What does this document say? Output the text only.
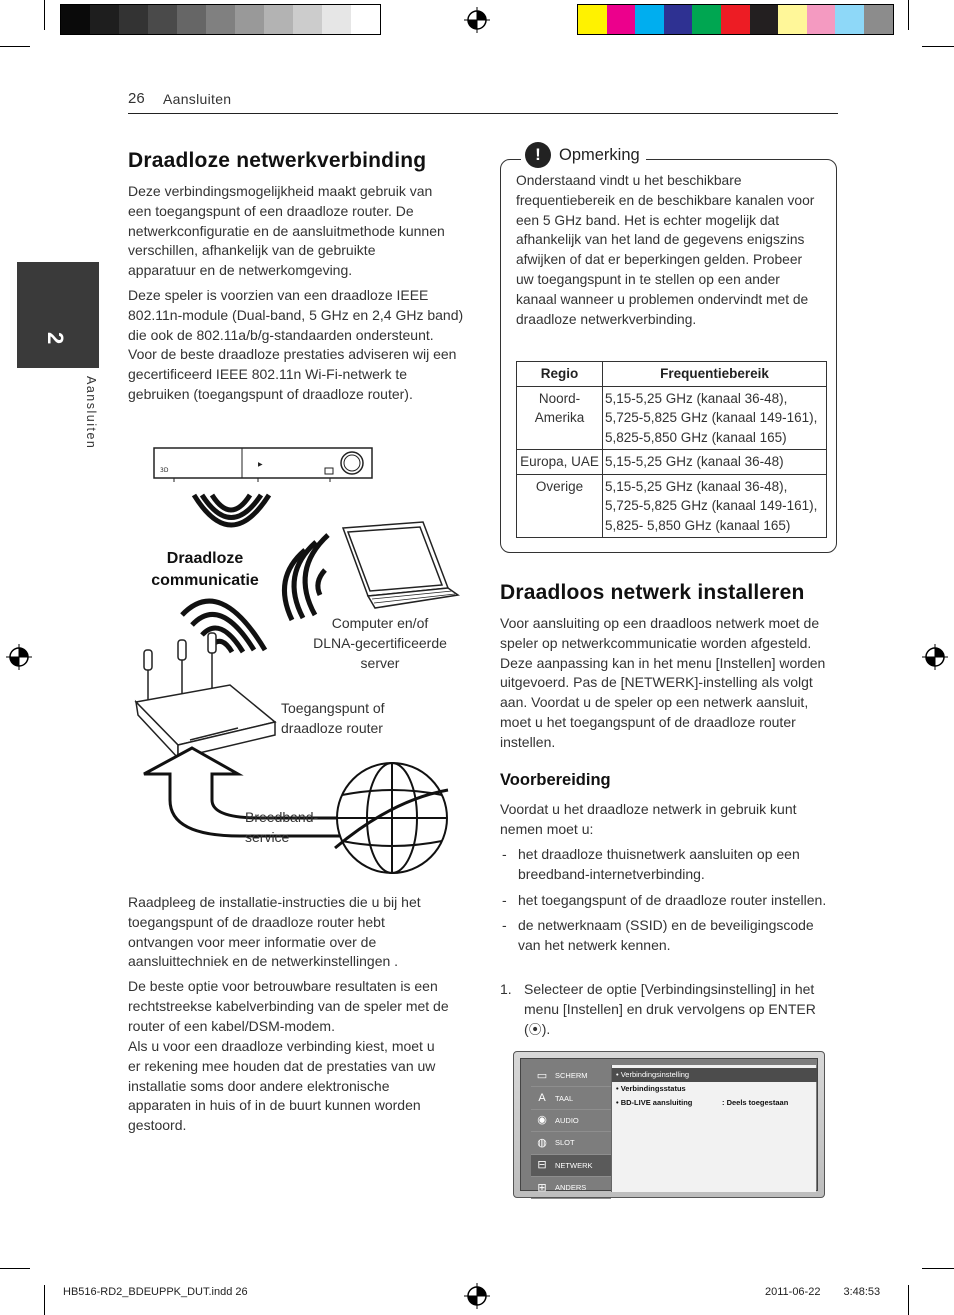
26 Aansluiten
2
Aansluiten
Draadloze netwerkverbinding

Deze verbindingsmogelijkheid maakt gebruik van een toegangspunt of een draadloze router. De netwerkconfiguratie en de aansluitmethode kunnen verschillen, afhankelijk van de gebruikte apparatuur en de netwerkomgeving.

Deze speler is voorzien van een draadloze IEEE 802.11n-module (Dual-band, 5 GHz en 2,4 GHz band) die ook de 802.11a/b/g-standaarden ondersteunt. Voor de beste draadloze prestaties adviseren wij een gecertificeerd IEEE 802.11n Wi-Fi-netwerk te gebruiken (toegangspunt of draadloze router).

3D
▶
Draadloze
communicatie
Computer en/of
DLNA-gecertificeerde
server
Toegangspunt of
draadloze router
Breedband-
service

Raadpleeg de installatie-instructies die u bij het toegangspunt of de draadloze router hebt ontvangen voor meer informatie over de aansluittechniek en de netwerkinstellingen .

De beste optie voor betrouwbare resultaten is een rechtstreekse kabelverbinding van de speler met de router of een kabel/DSM-modem.

Als u voor een draadloze verbinding kiest, moet u er rekening mee houden dat de prestaties van uw installatie soms door andere elektronische apparaten in huis of in de buurt kunnen worden gestoord.

!	Opmerking

Onderstaand vindt u het beschikbare frequentiebereik en de beschikbare kanalen voor een 5 GHz band. Het is echter mogelijk dat afhankelijk van het land de gegevens enigszins afwijken of dat er beperkingen gelden. Probeer uw toegangspunt in te stellen op een ander kanaal wanneer u problemen ondervindt met de draadloze netwerkverbinding.

Regio	Frequentiebereik
Noord-
Amerika	5,15-5,25 GHz (kanaal 36-48),
5,725-5,825 GHz (kanaal 149-161),
5,825-5,850 GHz (kanaal 165)
Europa, UAE	5,15-5,25 GHz (kanaal 36-48)
Overige	5,15-5,25 GHz (kanaal 36-48),
5,725-5,825 GHz (kanaal 149-161),
5,825- 5,850 GHz (kanaal 165)
Draadloos netwerk installeren

Voor aansluiting op een draadloos netwerk moet de speler op netwerkcommunicatie worden afgesteld. Deze aanpassing kan in het menu [Instellen] worden uitgevoerd. Pas de [NETWERK]-instelling als volgt aan. Voordat u de speler op een netwerk aansluit, moet u het toegangspunt of de draadloze router instellen.

Voorbereiding

Voordat u het draadloze netwerk in gebruik kunt nemen moet u:

- het draadloze thuisnetwerk aansluiten op een breedband-internetverbinding.
- het toegangspunt of de draadloze router instellen.
- de netwerknaam (SSID) en de beveiligingscode van het netwerk kennen.
1. Selecteer de optie [Verbindingsinstelling] in het menu [Instellen] en druk vervolgens op ENTER (⦿).
▭ SCHERM
A	TAAL
◉ AUDIO
◍ SLOT
⊟	NETWERK
⊞	ANDERS
• Verbindingsinstelling
• Verbindingsstatus
• BD-LIVE aansluiting	: Deels toegestaan
HB516-RD2_BDEUPPK_DUT.indd 26	2011-06-22    3:48:53
